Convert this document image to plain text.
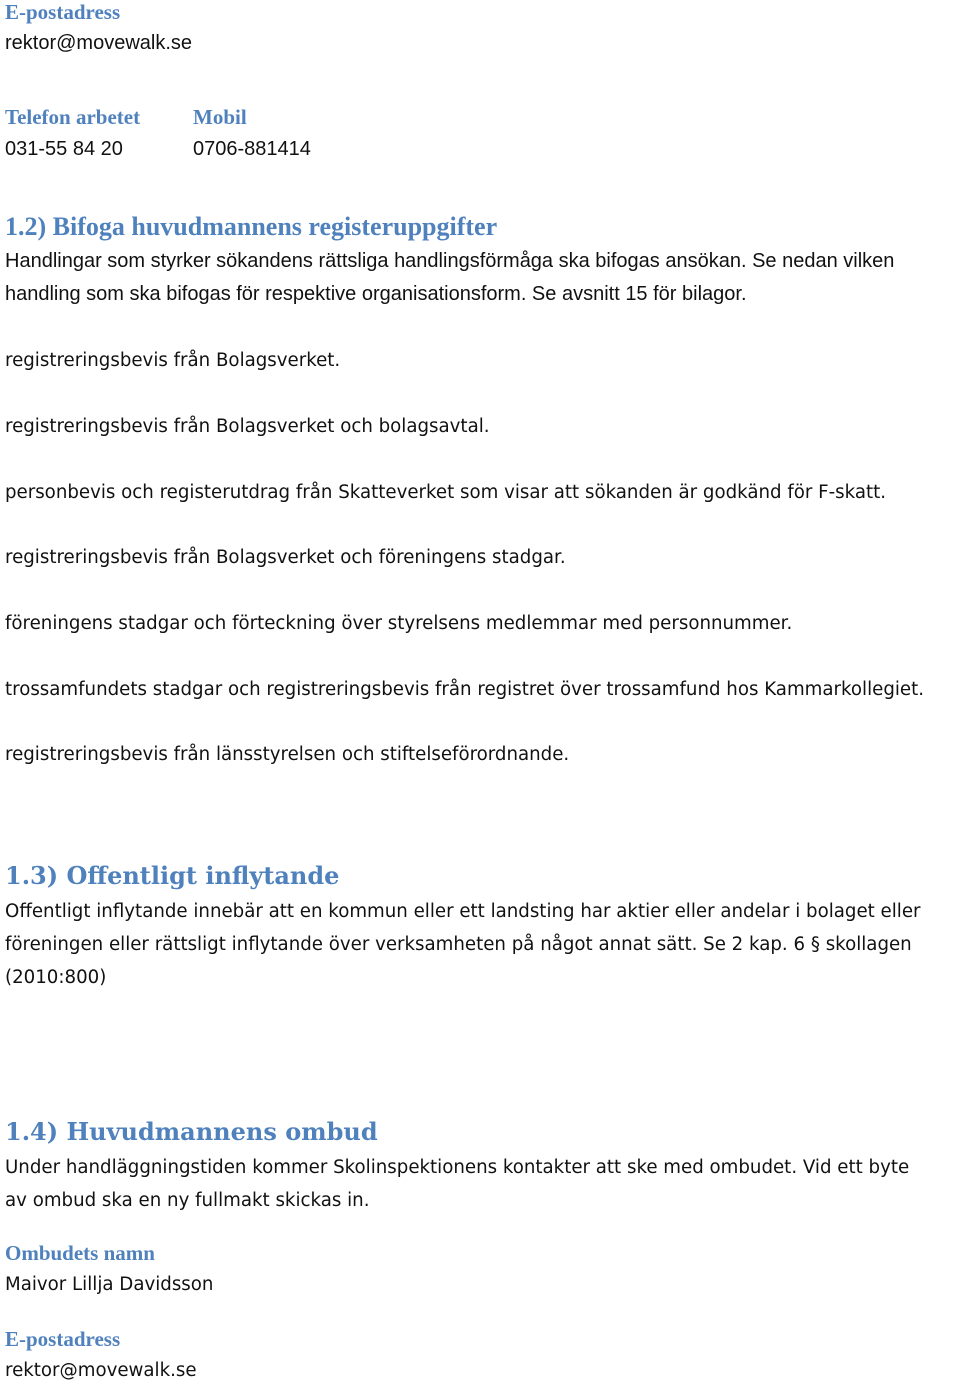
E-postadress
rektor@movewalk.se
Telefon arbetet	Mobil
031-55 84 20	0706-881414
1.2) Bifoga huvudmannens registeruppgifter
Handlingar som styrker sökandens rättsliga handlingsförmåga ska bifogas ansökan. Se nedan vilken
handling som ska bifogas för respektive organisationsform. Se avsnitt 15 för bilagor.
registreringsbevis från Bolagsverket.
registreringsbevis från Bolagsverket och bolagsavtal.
personbevis och registerutdrag från Skatteverket som visar att sökanden är godkänd för F-skatt.
registreringsbevis från Bolagsverket och föreningens stadgar.
föreningens stadgar och förteckning över styrelsens medlemmar med personnummer.
trossamfundets stadgar och registreringsbevis från registret över trossamfund hos Kammarkollegiet.
registreringsbevis från länsstyrelsen och stiftelseförordnande.
1.3) Offentligt inflytande
Offentligt inflytande innebär att en kommun eller ett landsting har aktier eller andelar i bolaget eller
föreningen eller rättsligt inflytande över verksamheten på något annat sätt. Se 2 kap. 6 § skollagen
(2010:800)
1.4) Huvudmannens ombud
Under handläggningstiden kommer Skolinspektionens kontakter att ske med ombudet. Vid ett byte
av ombud ska en ny fullmakt skickas in.
Ombudets namn
Maivor Lillja Davidsson
E-postadress
rektor@movewalk.se
